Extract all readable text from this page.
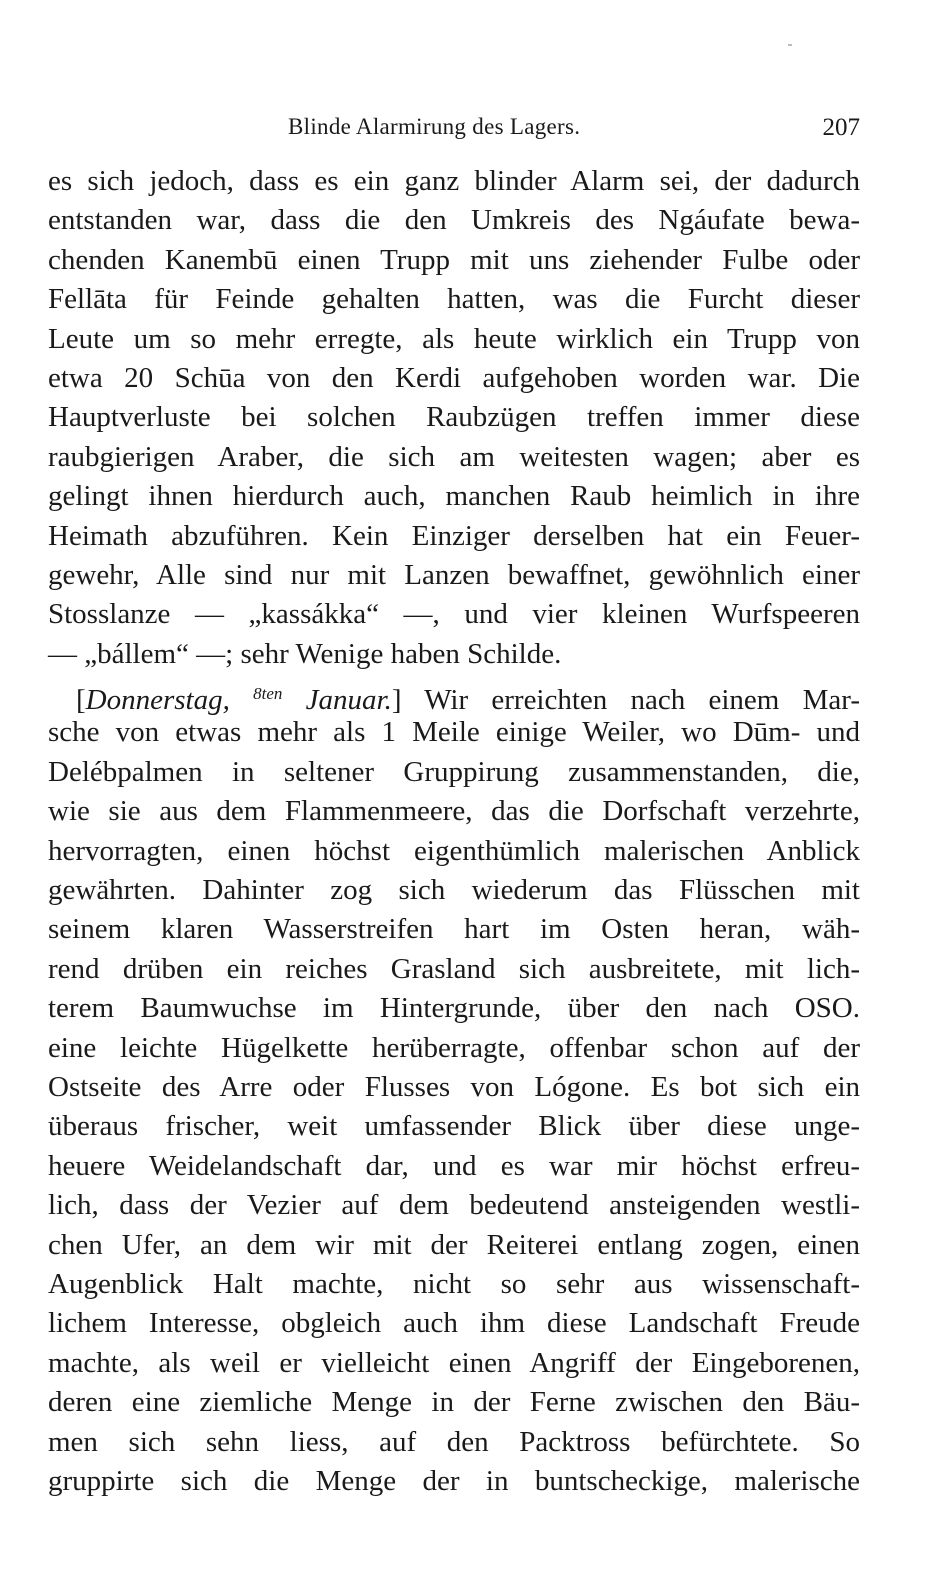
Blinde Alarmirung des Lagers.	207
es sich jedoch, dass es ein ganz blinder Alarm sei, der dadurch
entstanden war, dass die den Umkreis des Ngáufate bewa-
chenden Kanembū einen Trupp mit uns ziehender Fulbe oder
Fellāta für Feinde gehalten hatten, was die Furcht dieser
Leute um so mehr erregte, als heute wirklich ein Trupp von
etwa 20 Schūa von den Kerdi aufgehoben worden war. Die
Hauptverluste bei solchen Raubzügen treffen immer diese
raubgierigen Araber, die sich am weitesten wagen; aber es
gelingt ihnen hierdurch auch, manchen Raub heimlich in ihre
Heimath abzuführen. Kein Einziger derselben hat ein Feuer-
gewehr, Alle sind nur mit Lanzen bewaffnet, gewöhnlich einer
Stosslanze — „kassákka“ —, und vier kleinen Wurfspeeren
— „bállem“ —; sehr Wenige haben Schilde.
[Donnerstag, $^{8ten}$ Januar.] Wir erreichten nach einem Mar-
sche von etwas mehr als 1 Meile einige Weiler, wo Dūm- und
Delébpalmen in seltener Gruppirung zusammenstanden, die,
wie sie aus dem Flammenmeere, das die Dorfschaft verzehrte,
hervorragten, einen höchst eigenthümlich malerischen Anblick
gewährten. Dahinter zog sich wiederum das Flüsschen mit
seinem klaren Wasserstreifen hart im Osten heran, wäh-
rend drüben ein reiches Grasland sich ausbreitete, mit lich-
terem Baumwuchse im Hintergrunde, über den nach OSO.
eine leichte Hügelkette herüberragte, offenbar schon auf der
Ostseite des Arre oder Flusses von Lógone. Es bot sich ein
überaus frischer, weit umfassender Blick über diese unge-
heuere Weidelandschaft dar, und es war mir höchst erfreu-
lich, dass der Vezier auf dem bedeutend ansteigenden westli-
chen Ufer, an dem wir mit der Reiterei entlang zogen, einen
Augenblick Halt machte, nicht so sehr aus wissenschaft-
lichem Interesse, obgleich auch ihm diese Landschaft Freude
machte, als weil er vielleicht einen Angriff der Eingeborenen,
deren eine ziemliche Menge in der Ferne zwischen den Bäu-
men sich sehn liess, auf den Packtross befürchtete. So
gruppirte sich die Menge der in buntscheckige, malerische
